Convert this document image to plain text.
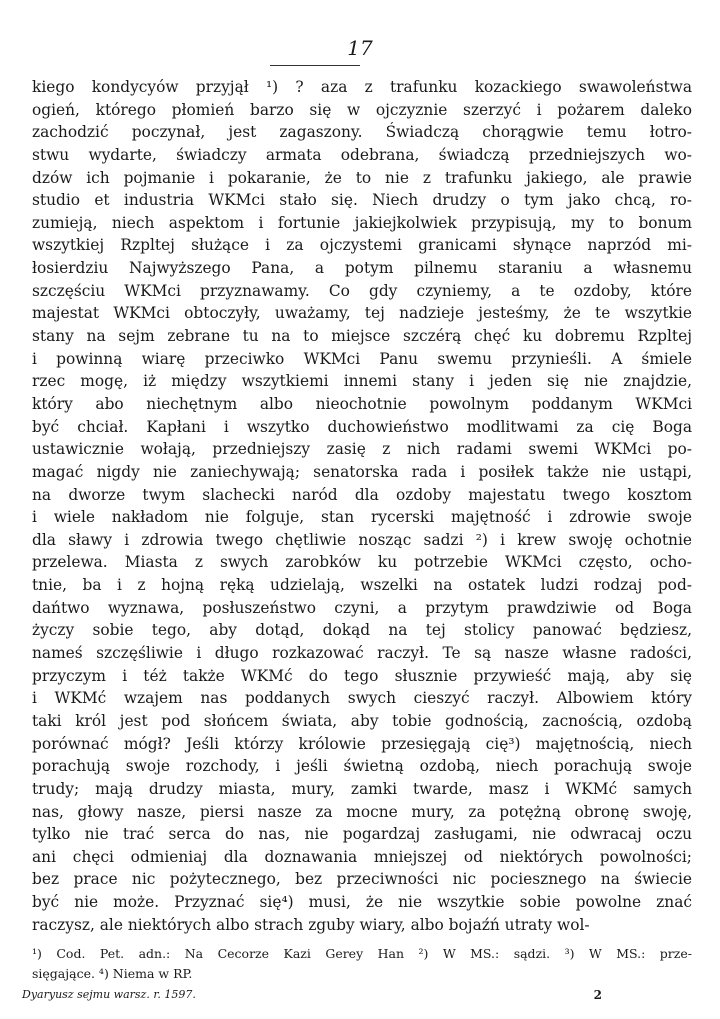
17
kiego kondycyów przyjął ¹) ? aza z trafunku kozackiego swawoleństwa
ogień, którego płomień barzo się w ojczyznie szerzyć i pożarem daleko
zachodzić poczynał, jest zagaszony. Świadczą chorągwie temu łotro-
stwu wydarte, świadczy armata odebrana, świadczą przedniejszych wo-
dzów ich pojmanie i pokaranie, że to nie z trafunku jakiego, ale prawie
studio et industria WKMci stało się. Niech drudzy o tym jako chcą, ro-
zumieją, niech aspektom i fortunie jakiejkolwiek przypisują, my to bonum
wszytkiej Rzpltej służące i za ojczystemi granicami słynące naprzód mi-
łosierdziu Najwyższego Pana, a potym pilnemu staraniu a własnemu
szczęściu WKMci przyznawamy. Co gdy czyniemy, a te ozdoby, które
majestat WKMci obtoczyły, uważamy, tej nadzieje jesteśmy, że te wszytkie
stany na sejm zebrane tu na to miejsce szczérą chęć ku dobremu Rzpltej
i powinną wiarę przeciwko WKMci Panu swemu przynieśli. A śmiele
rzec mogę, iż między wszytkiemi innemi stany i jeden się nie znajdzie,
który abo niechętnym albo nieochotnie powolnym poddanym WKMci
być chciał. Kapłani i wszytko duchowieństwo modlitwami za cię Boga
ustawicznie wołają, przedniejszy zasię z nich radami swemi WKMci po-
magać nigdy nie zaniechywają; senatorska rada i posiłek także nie ustąpi,
na dworze twym slachecki naród dla ozdoby majestatu twego kosztom
i wiele nakładom nie folguje, stan rycerski majętność i zdrowie swoje
dla sławy i zdrowia twego chętliwie nosząc sadzi ²) i krew swoję ochotnie
przelewa. Miasta z swych zarobków ku potrzebie WKMci często, ocho-
tnie, ba i z hojną ręką udzielają, wszelki na ostatek ludzi rodzaj pod-
dańtwo wyznawa, posłuszeństwo czyni, a przytym prawdziwie od Boga
życzy sobie tego, aby dotąd, dokąd na tej stolicy panować będziesz,
nameś szczęśliwie i długo rozkazować raczył. Te są nasze własne radości,
przyczym i téż także WKMć do tego słusznie przywieść mają, aby się
i WKMć wzajem nas poddanych swych cieszyć raczył. Albowiem który
taki król jest pod słońcem świata, aby tobie godnością, zacnością, ozdobą
porównać mógł? Jeśli którzy królowie przesięgają cię³) majętnością, niech
porachują swoje rozchody, i jeśli świetną ozdobą, niech porachują swoje
trudy; mają drudzy miasta, mury, zamki twarde, masz i WKMć samych
nas, głowy nasze, piersi nasze za mocne mury, za potężną obronę swoję,
tylko nie trać serca do nas, nie pogardzaj zasługami, nie odwracaj oczu
ani chęci odmieniaj dla doznawania mniejszej od niektórych powolności;
bez prace nic pożytecznego, bez przeciwności nic pociesznego na świecie
być nie może. Przyznać się⁴) musi, że nie wszytkie sobie powolne znać
raczysz, ale niektórych albo strach zguby wiary, albo bojaźń utraty wol-
¹) Cod. Pet. adn.: Na Cecorze Kazi Gerey Han ²) W MS.: sądzi. ³) W MS.: prze-
sięgające. ⁴) Niema w RP.
Dyaryusz sejmu warsz. r. 1597.	2
